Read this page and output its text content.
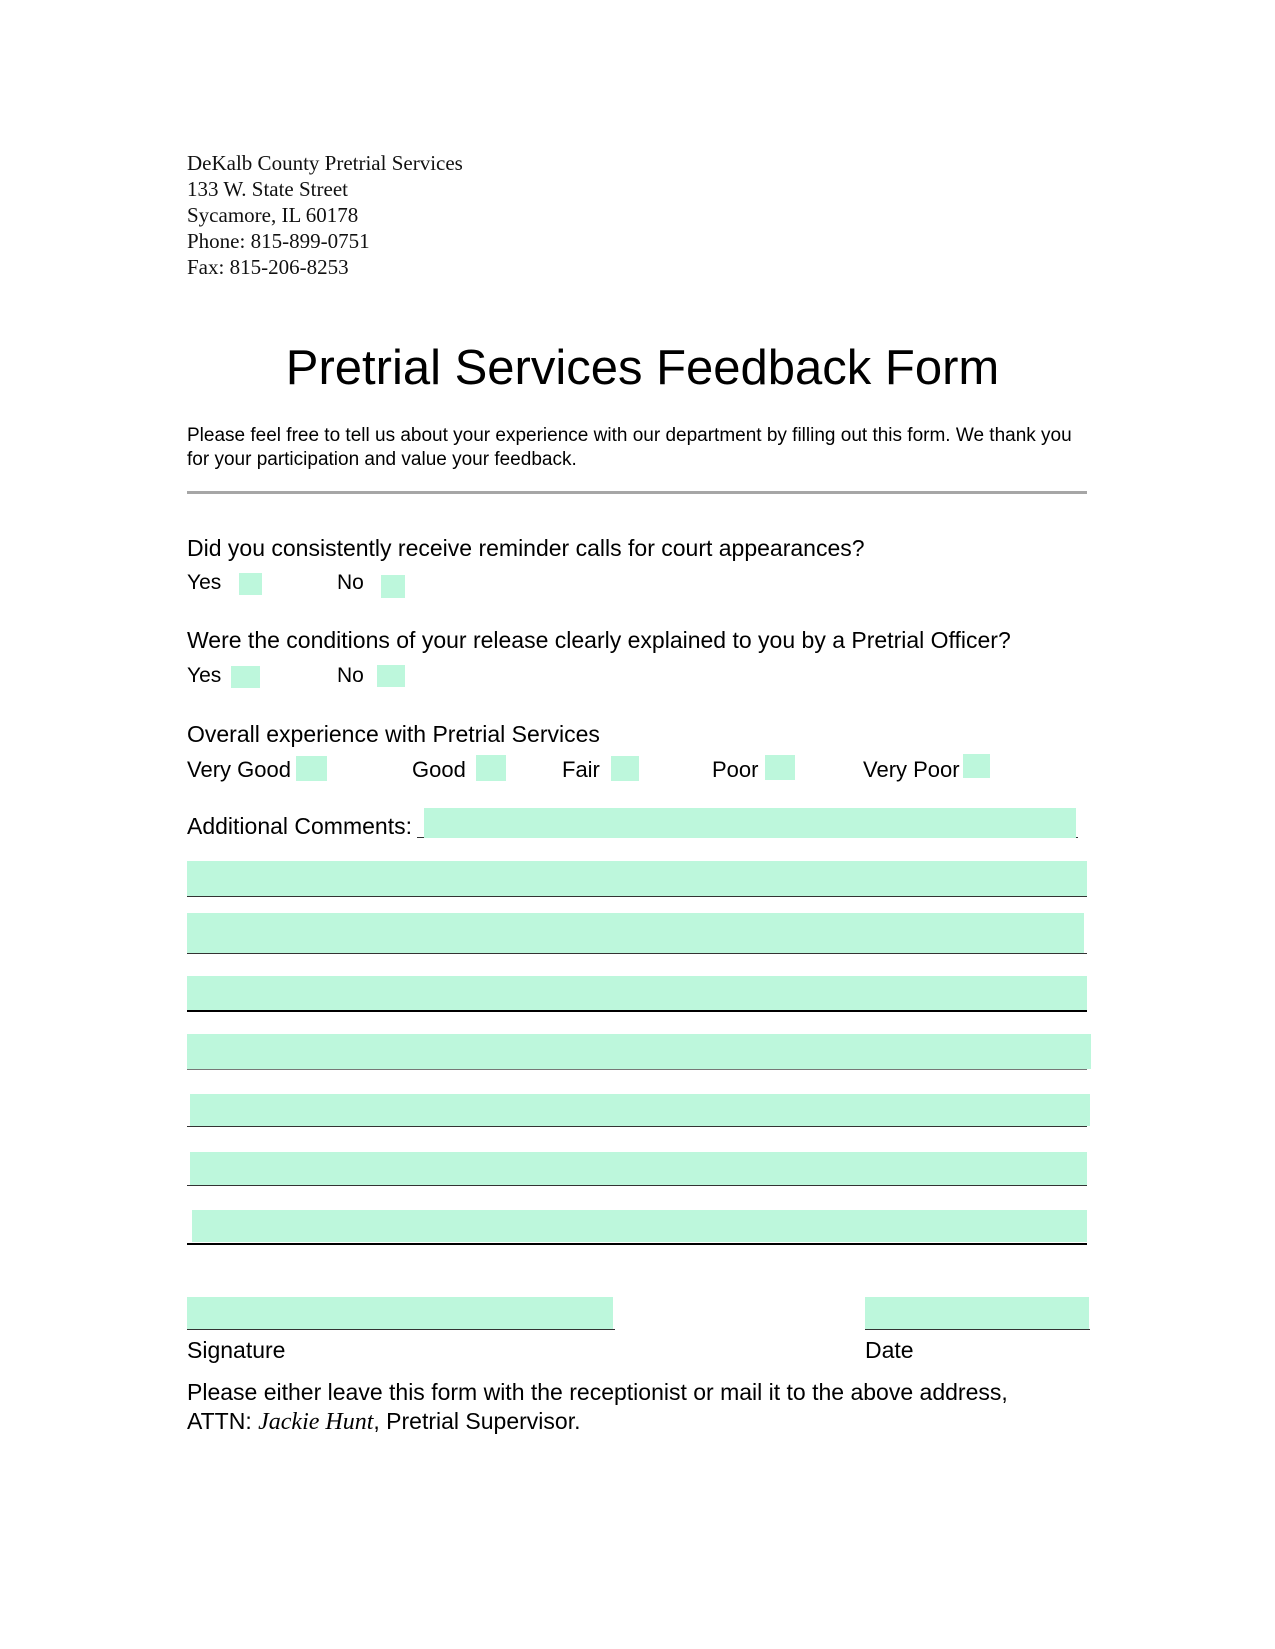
DeKalb County Pretrial Services
133 W. State Street
Sycamore, IL 60178
Phone: 815-899-0751
Fax: 815-206-8253
Pretrial Services Feedback Form
Please feel free to tell us about your experience with our department by filling out this form. We thank you
for your participation and value your feedback.
Did you consistently receive reminder calls for court appearances?
Yes	No
Were the conditions of your release clearly explained to you by a Pretrial Officer?
Yes	No
Overall experience with Pretrial Services
Very Good	Good	Fair	Poor	Very Poor
Additional Comments:
Signature	Date
Please either leave this form with the receptionist or mail it to the above address,
ATTN: Jackie Hunt, Pretrial Supervisor.
